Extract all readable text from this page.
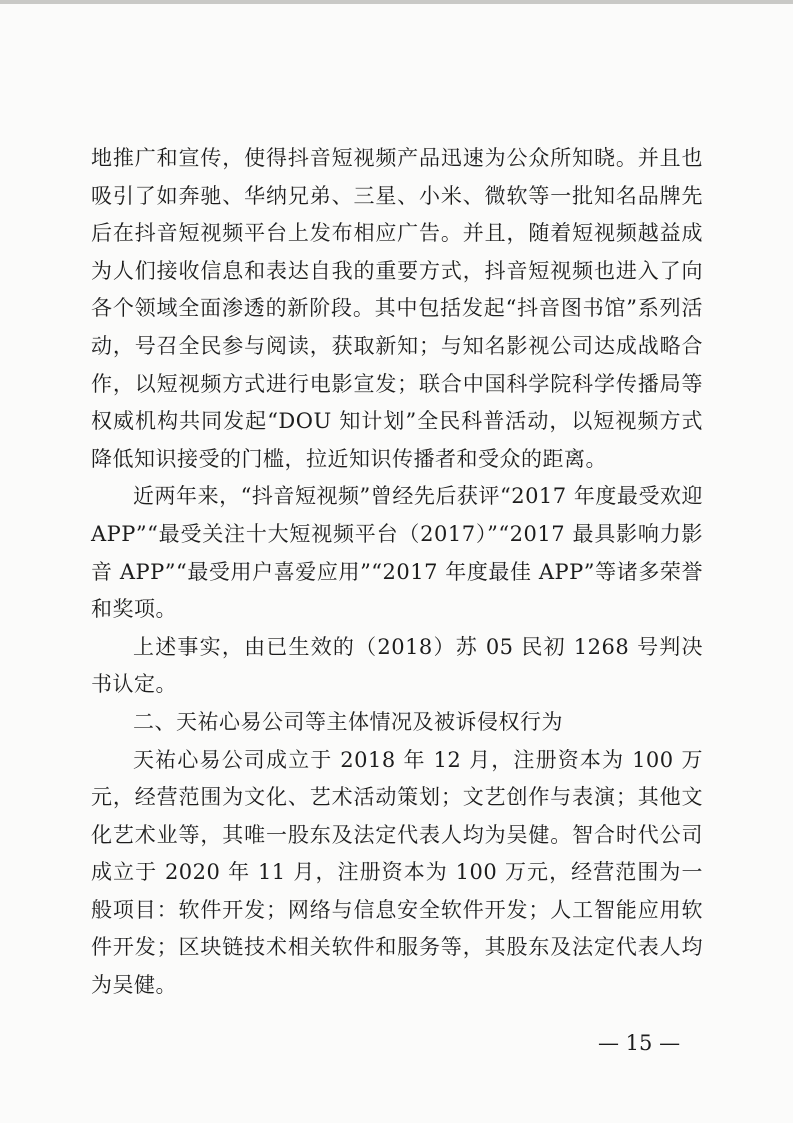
地推广和宣传，使得抖音短视频产品迅速为公众所知晓。并且也吸引了如奔驰、华纳兄弟、三星、小米、微软等一批知名品牌先后在抖音短视频平台上发布相应广告。并且，随着短视频越益成为人们接收信息和表达自我的重要方式，抖音短视频也进入了向各个领域全面渗透的新阶段。其中包括发起“抖音图书馆”系列活动，号召全民参与阅读，获取新知；与知名影视公司达成战略合作，以短视频方式进行电影宣发；联合中国科学院科学传播局等权威机构共同发起“DOU 知计划”全民科普活动，以短视频方式降低知识接受的门槛，拉近知识传播者和受众的距离。

近两年来，“抖音短视频”曾经先后获评“2017 年度最受欢迎 APP”“最受关注十大短视频平台（2017）”“2017 最具影响力影音 APP”“最受用户喜爱应用”“2017 年度最佳 APP”等诸多荣誉和奖项。

上述事实，由已生效的（2018）苏 05 民初 1268 号判决书认定。

二、天祐心易公司等主体情况及被诉侵权行为

天祐心易公司成立于 2018 年 12 月，注册资本为 100 万元，经营范围为文化、艺术活动策划；文艺创作与表演；其他文化艺术业等，其唯一股东及法定代表人均为吴健。智合时代公司成立于 2020 年 11 月，注册资本为 100 万元，经营范围为一般项目：软件开发；网络与信息安全软件开发；人工智能应用软件开发；区块链技术相关软件和服务等，其股东及法定代表人均为吴健。

— 15 —
